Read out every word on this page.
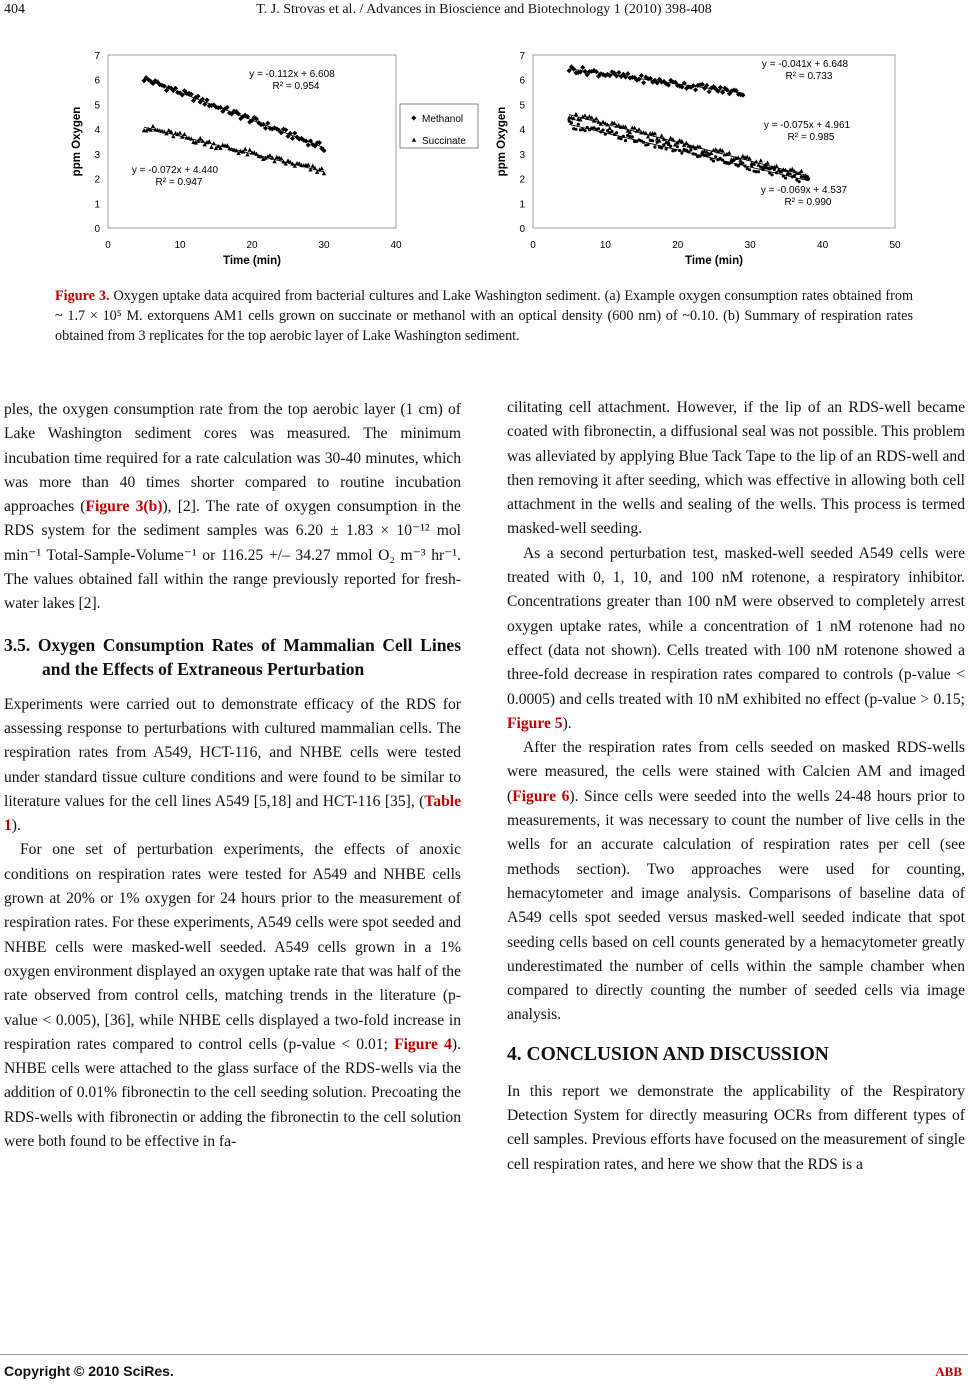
404	T. J. Strovas et al. / Advances in Bioscience and Biotechnology 1 (2010) 398-408
0
1
2
3
4
5
6
7
0	10	20	30	40
Time (min)
ppm Oxygen
y = -0.112x + 6.608
R² = 0.954
y = -0.072x + 4.440
R² = 0.947
Methanol
Succinate
0
1
2
3
4
5
6
7
0	10	20	30	40	50
Time (min)
ppm Oxygen
y = -0.041x + 6.648
R² = 0.733
y = -0.075x + 4.961
R² = 0.985
y = -0.069x + 4.537
R² = 0.990
Figure 3. Oxygen uptake data acquired from bacterial cultures and Lake Washington sediment. (a) Example oxygen consumption rates obtained from ~ 1.7 × 10⁵ M. extorquens AM1 cells grown on succinate or methanol with an optical density (600 nm) of ~0.10. (b) Summary of respiration rates obtained from 3 replicates for the top aerobic layer of Lake Washington sediment.

ples, the oxygen consumption rate from the top aerobic layer (1 cm) of Lake Washington sediment cores was measured. The minimum incubation time required for a rate calculation was 30-40 minutes, which was more than 40 times shorter compared to routine incubation approaches (Figure 3(b)), [2]. The rate of oxygen consumption in the RDS system for the sediment samples was 6.20 ± 1.83 × 10⁻¹² mol min⁻¹ Total-Sample-Volume⁻¹ or 116.25 +/– 34.27 mmol O₂ m⁻³ hr⁻¹. The values obtained fall within the range previously reported for fresh-water lakes [2].

3.5. Oxygen Consumption Rates of Mammalian Cell Lines and the Effects of Extraneous Perturbation

Experiments were carried out to demonstrate efficacy of the RDS for assessing response to perturbations with cultured mammalian cells. The respiration rates from A549, HCT-116, and NHBE cells were tested under standard tissue culture conditions and were found to be similar to literature values for the cell lines A549 [5,18] and HCT-116 [35], (Table 1).

For one set of perturbation experiments, the effects of anoxic conditions on respiration rates were tested for A549 and NHBE cells grown at 20% or 1% oxygen for 24 hours prior to the measurement of respiration rates. For these experiments, A549 cells were spot seeded and NHBE cells were masked-well seeded. A549 cells grown in a 1% oxygen environment displayed an oxygen uptake rate that was half of the rate observed from control cells, matching trends in the literature (p-value < 0.005), [36], while NHBE cells displayed a two-fold increase in respiration rates compared to control cells (p-value < 0.01; Figure 4). NHBE cells were attached to the glass surface of the RDS-wells via the addition of 0.01% fibronectin to the cell seeding solution. Precoating the RDS-wells with fibronectin or adding the fibronectin to the cell solution were both found to be effective in fa-

cilitating cell attachment. However, if the lip of an RDS-well became coated with fibronectin, a diffusional seal was not possible. This problem was alleviated by applying Blue Tack Tape to the lip of an RDS-well and then removing it after seeding, which was effective in allowing both cell attachment in the wells and sealing of the wells. This process is termed masked-well seeding.

As a second perturbation test, masked-well seeded A549 cells were treated with 0, 1, 10, and 100 nM rotenone, a respiratory inhibitor. Concentrations greater than 100 nM were observed to completely arrest oxygen uptake rates, while a concentration of 1 nM rotenone had no effect (data not shown). Cells treated with 100 nM rotenone showed a three-fold decrease in respiration rates compared to controls (p-value < 0.0005) and cells treated with 10 nM exhibited no effect (p-value > 0.15; Figure 5).

After the respiration rates from cells seeded on masked RDS-wells were measured, the cells were stained with Calcien AM and imaged (Figure 6). Since cells were seeded into the wells 24-48 hours prior to measurements, it was necessary to count the number of live cells in the wells for an accurate calculation of respiration rates per cell (see methods section). Two approaches were used for counting, hemacytometer and image analysis. Comparisons of baseline data of A549 cells spot seeded versus masked-well seeded indicate that spot seeding cells based on cell counts generated by a hemacytometer greatly underestimated the number of cells within the sample chamber when compared to directly counting the number of seeded cells via image analysis.

4. CONCLUSION AND DISCUSSION

In this report we demonstrate the applicability of the Respiratory Detection System for directly measuring OCRs from different types of cell samples. Previous efforts have focused on the measurement of single cell respiration rates, and here we show that the RDS is a

Copyright © 2010 SciRes.	ABB
